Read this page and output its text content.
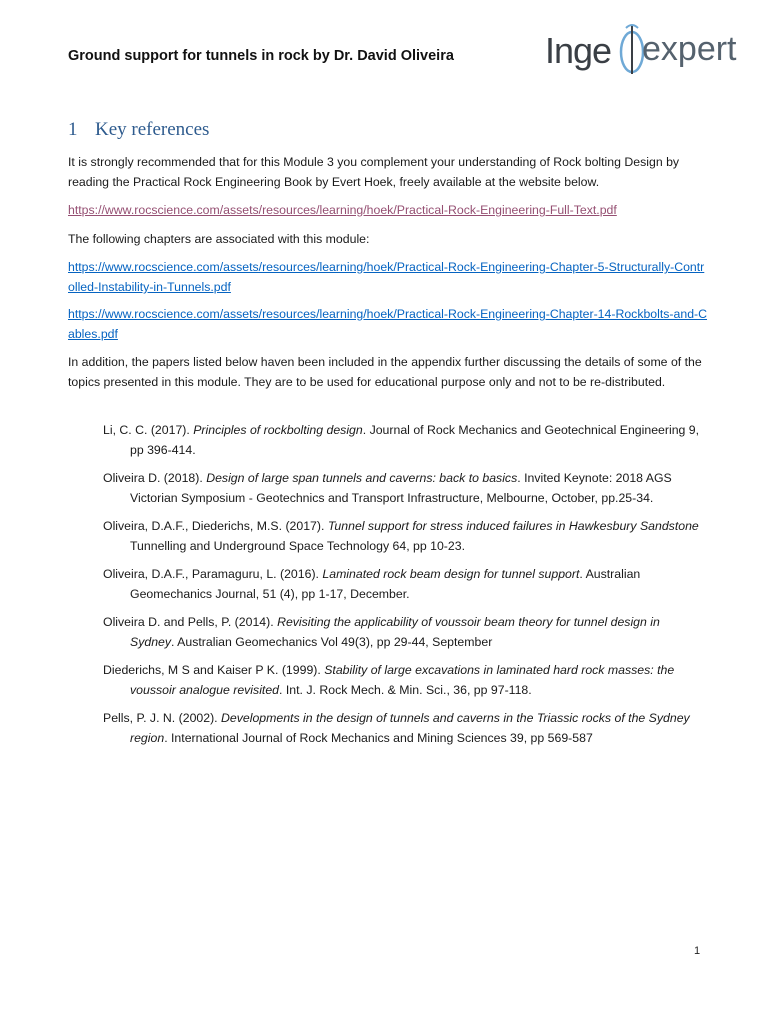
Ground support for tunnels in rock by Dr. David Oliveira	Inge expert
1 Key references

It is strongly recommended that for this Module 3 you complement your understanding of Rock bolting Design by reading the Practical Rock Engineering Book by Evert Hoek, freely available at the website below.

https://www.rocscience.com/assets/resources/learning/hoek/Practical-Rock-Engineering-Full-Text.pdf

The following chapters are associated with this module:

https://www.rocscience.com/assets/resources/learning/hoek/Practical-Rock-Engineering-Chapter-5-Structurally-Controlled-Instability-in-Tunnels.pdf

https://www.rocscience.com/assets/resources/learning/hoek/Practical-Rock-Engineering-Chapter-14-Rockbolts-and-Cables.pdf

In addition, the papers listed below haven been included in the appendix further discussing the details of some of the topics presented in this module. They are to be used for educational purpose only and not to be re-distributed.

Li, C. C. (2017). Principles of rockbolting design. Journal of Rock Mechanics and Geotechnical Engineering 9, pp 396-414.
Oliveira D. (2018). Design of large span tunnels and caverns: back to basics. Invited Keynote: 2018 AGS Victorian Symposium - Geotechnics and Transport Infrastructure, Melbourne, October, pp.25-34.
Oliveira, D.A.F., Diederichs, M.S. (2017). Tunnel support for stress induced failures in Hawkesbury Sandstone Tunnelling and Underground Space Technology 64, pp 10-23.
Oliveira, D.A.F., Paramaguru, L. (2016). Laminated rock beam design for tunnel support. Australian Geomechanics Journal, 51 (4), pp 1-17, December.
Oliveira D. and Pells, P. (2014). Revisiting the applicability of voussoir beam theory for tunnel design in Sydney. Australian Geomechanics Vol 49(3), pp 29-44, September
Diederichs, M S and Kaiser P K. (1999). Stability of large excavations in laminated hard rock masses: the voussoir analogue revisited. Int. J. Rock Mech. & Min. Sci., 36, pp 97-118.
Pells, P. J. N. (2002). Developments in the design of tunnels and caverns in the Triassic rocks of the Sydney region. International Journal of Rock Mechanics and Mining Sciences 39, pp 569-587
1
